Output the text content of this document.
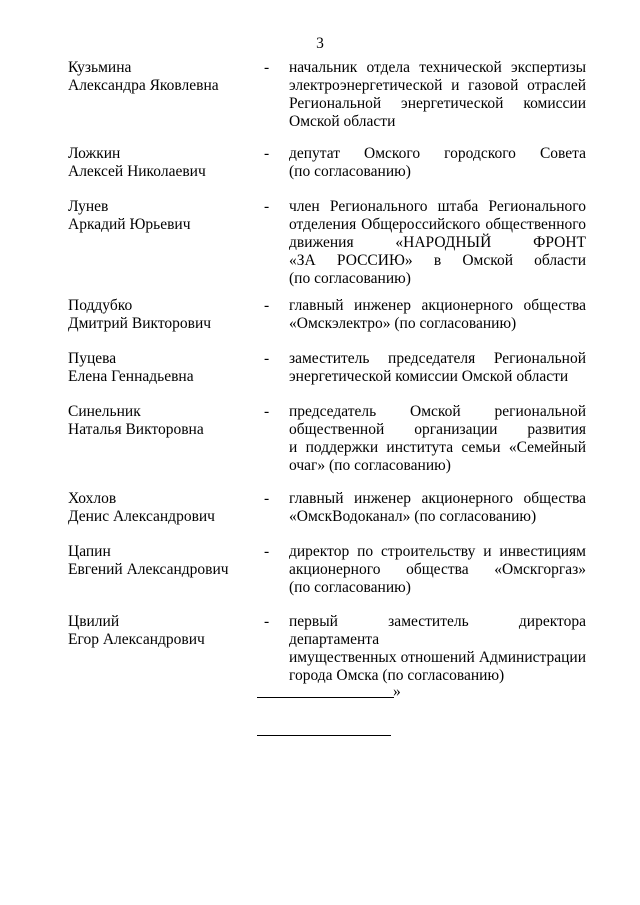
3
Кузьмина
Александра Яковлевна
- начальник отдела технической экспертизы
электроэнергетической и газовой отраслей
Региональной энергетической комиссии
Омской области
Ложкин
Алексей Николаевич
- депутат Омского городского Совета
(по согласованию)
Лунев
Аркадий Юрьевич
- член Регионального штаба Регионального
отделения Общероссийского общественного
движения «НАРОДНЫЙ ФРОНТ
«ЗА РОССИЮ» в Омской области
(по согласованию)
Поддубко
Дмитрий Викторович
- главный инженер акционерного общества
«Омскэлектро» (по согласованию)
Пуцева
Елена Геннадьевна
- заместитель председателя Региональной
энергетической комиссии Омской области
Синельник
Наталья Викторовна
- председатель Омской региональной
общественной организации развития
и поддержки института семьи «Семейный
очаг» (по согласованию)
Хохлов
Денис Александрович
- главный инженер акционерного общества
«ОмскВодоканал» (по согласованию)
Цапин
Евгений Александрович
- директор по строительству и инвестициям
акционерного общества «Омскгоргаз»
(по согласованию)
Цвилий
Егор Александрович
- первый заместитель директора департамента
имущественных отношений Администрации
города Омска (по согласованию)
»
